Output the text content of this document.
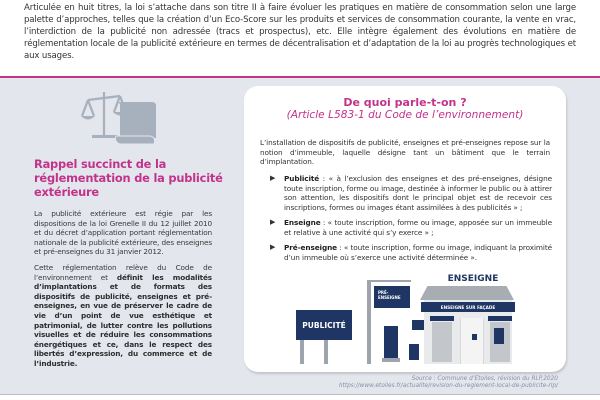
Articulée en huit titres, la loi s’attache dans son titre II à faire évoluer les pratiques en matière de consommation selon une large palette d’approches, telles que la création d’un Eco-Score sur les produits et services de consommation courante, la vente en vrac, l’interdiction de la publicité non adressée (tracs et prospectus), etc. Elle intègre également des évolutions en matière de réglementation locale de la publicité extérieure en termes de décentralisation et d’adaptation de la loi au progrès technologiques et aux usages.
Rappel succinct de la réglementation de la publicité extérieure

La publicité extérieure est régie par les dispositions de la loi Grenelle II du 12 juillet 2010 et du décret d’application portant réglementation nationale de la publicité extérieure, des enseignes et pré-enseignes du 31 janvier 2012.

Cette réglementation relève du Code de l’environnement et définit les modalités d’implantations et de formats des dispositifs de publicité, enseignes et pré-enseignes, en vue de préserver le cadre de vie d’un point de vue esthétique et patrimonial, de lutter contre les pollutions visuelles et de réduire les consommations énergétiques et ce, dans le respect des libertés d’expression, du commerce et de l’industrie.

De quoi parle-t-on ?
(Article L583-1 du Code de l’environnement)
L’installation de dispositifs de publicité, enseignes et pré-enseignes repose sur la notion d’immeuble, laquelle désigne tant un bâtiment que le terrain d’implantation.
▶ Publicité : « à l’exclusion des enseignes et des pré-enseignes, désigne toute inscription, forme ou image, destinée à informer le public ou à attirer son attention, les dispositifs dont le principal objet est de recevoir ces inscriptions, formes ou images étant assimilées à des publicités » ;
▶ Enseigne : « toute inscription, forme ou image, apposée sur un immeuble et relative à une activité qui s’y exerce » ;
▶ Pré-enseigne : « toute inscription, forme ou image, indiquant la proximité d’un immeuble où s’exerce une activité déterminée ».
PUBLICITÉ
PRÉ-
ENSEIGNE
ENSEIGNE
ENSEIGNE SUR FAÇADE
Source : Commune d’Etoiles, révision du RLP,2020
https://www.etoiles.fr/actualite/revision-du-reglement-local-de-publicite-rlp/
